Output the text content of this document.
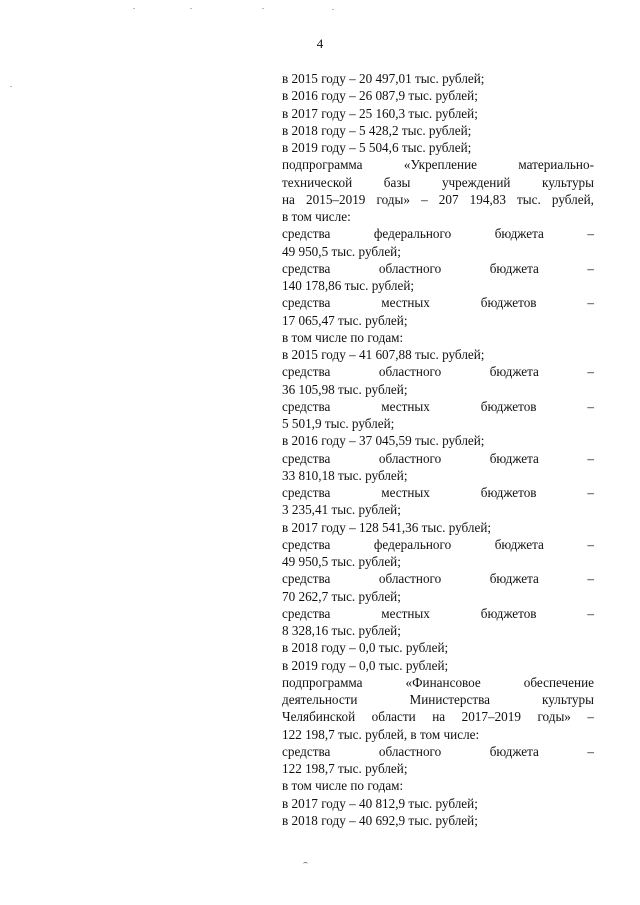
4
в 2015 году – 20 497,01 тыс. рублей;
в 2016 году – 26 087,9 тыс. рублей;
в 2017 году – 25 160,3 тыс. рублей;
в 2018 году – 5 428,2 тыс. рублей;
в 2019 году – 5 504,6 тыс. рублей;
подпрограмма	«Укрепление	материально-
технической базы учреждений культуры
на 2015–2019 годы» – 207 194,83 тыс. рублей,
в том числе:
средства	федерального	бюджета	–
49 950,5 тыс. рублей;
средства	областного	бюджета	–
140 178,86 тыс. рублей;
средства	местных	бюджетов	–
17 065,47 тыс. рублей;
в том числе по годам:
в 2015 году – 41 607,88 тыс. рублей;
средства	областного	бюджета	–
36 105,98 тыс. рублей;
средства	местных	бюджетов	–
5 501,9 тыс. рублей;
в 2016 году – 37 045,59 тыс. рублей;
средства	областного	бюджета	–
33 810,18 тыс. рублей;
средства	местных	бюджетов	–
3 235,41 тыс. рублей;
в 2017 году – 128 541,36 тыс. рублей;
средства	федерального	бюджета	–
49 950,5 тыс. рублей;
средства	областного	бюджета	–
70 262,7 тыс. рублей;
средства	местных	бюджетов	–
8 328,16 тыс. рублей;
в 2018 году – 0,0 тыс. рублей;
в 2019 году – 0,0 тыс. рублей;
подпрограмма	«Финансовое	обеспечение
деятельности	Министерства	культуры
Челябинской области на 2017–2019 годы» –
122 198,7 тыс. рублей, в том числе:
средства	областного	бюджета	–
122 198,7 тыс. рублей;
в том числе по годам:
в 2017 году – 40 812,9 тыс. рублей;
в 2018 году – 40 692,9 тыс. рублей;
